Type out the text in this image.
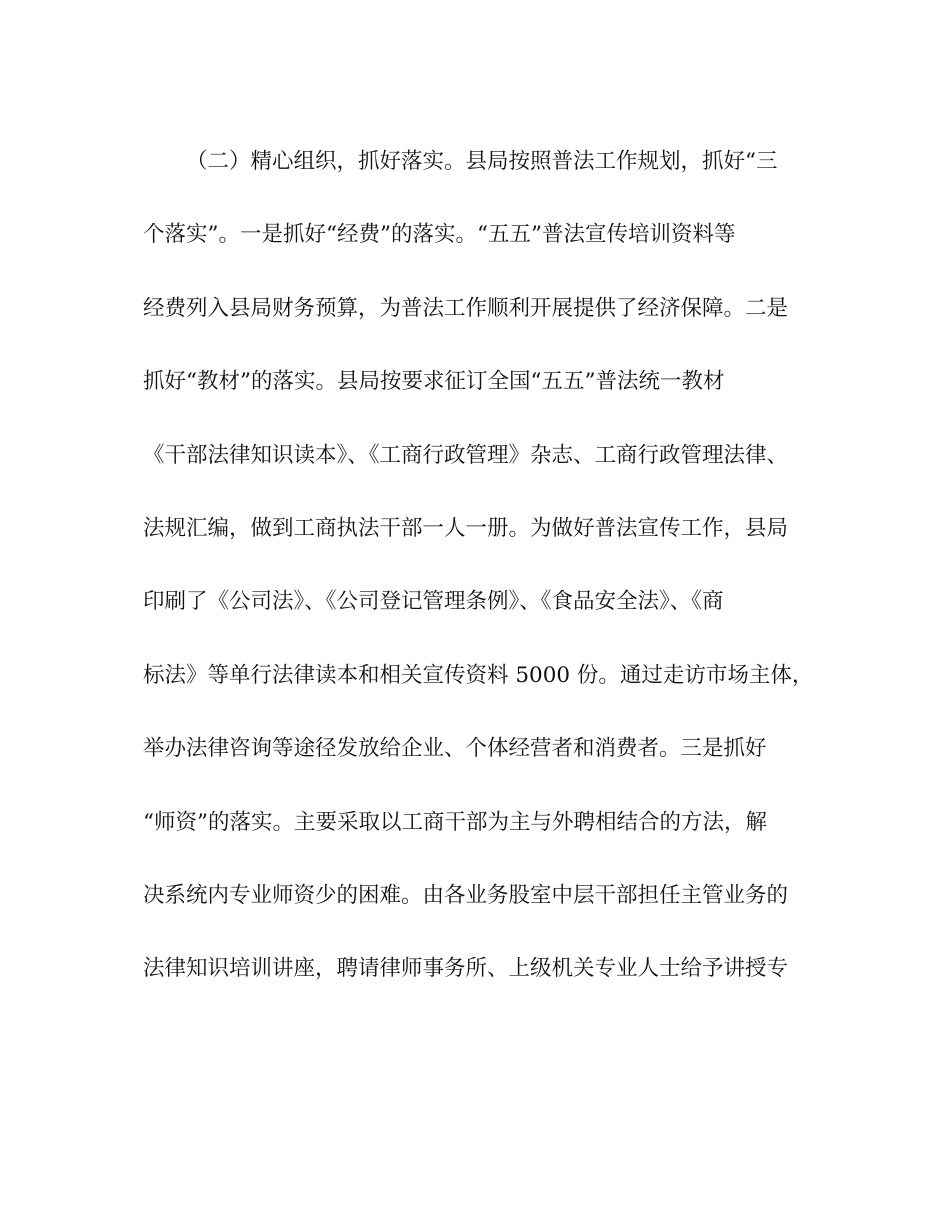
（二）精心组织，抓好落实。县局按照普法工作规划，抓好“三
个落实”。一是抓好“经费”的落实。“五五”普法宣传培训资料等
经费列入县局财务预算，为普法工作顺利开展提供了经济保障。二是
抓好“教材”的落实。县局按要求征订全国“五五”普法统一教材
《干部法律知识读本》、《工商行政管理》杂志、工商行政管理法律、
法规汇编，做到工商执法干部一人一册。为做好普法宣传工作，县局
印刷了《公司法》、《公司登记管理条例》、《食品安全法》、《商
标法》等单行法律读本和相关宣传资料 5000 份。通过走访市场主体，
举办法律咨询等途径发放给企业、个体经营者和消费者。三是抓好
“师资”的落实。主要采取以工商干部为主与外聘相结合的方法，解
决系统内专业师资少的困难。由各业务股室中层干部担任主管业务的
法律知识培训讲座，聘请律师事务所、上级机关专业人士给予讲授专
